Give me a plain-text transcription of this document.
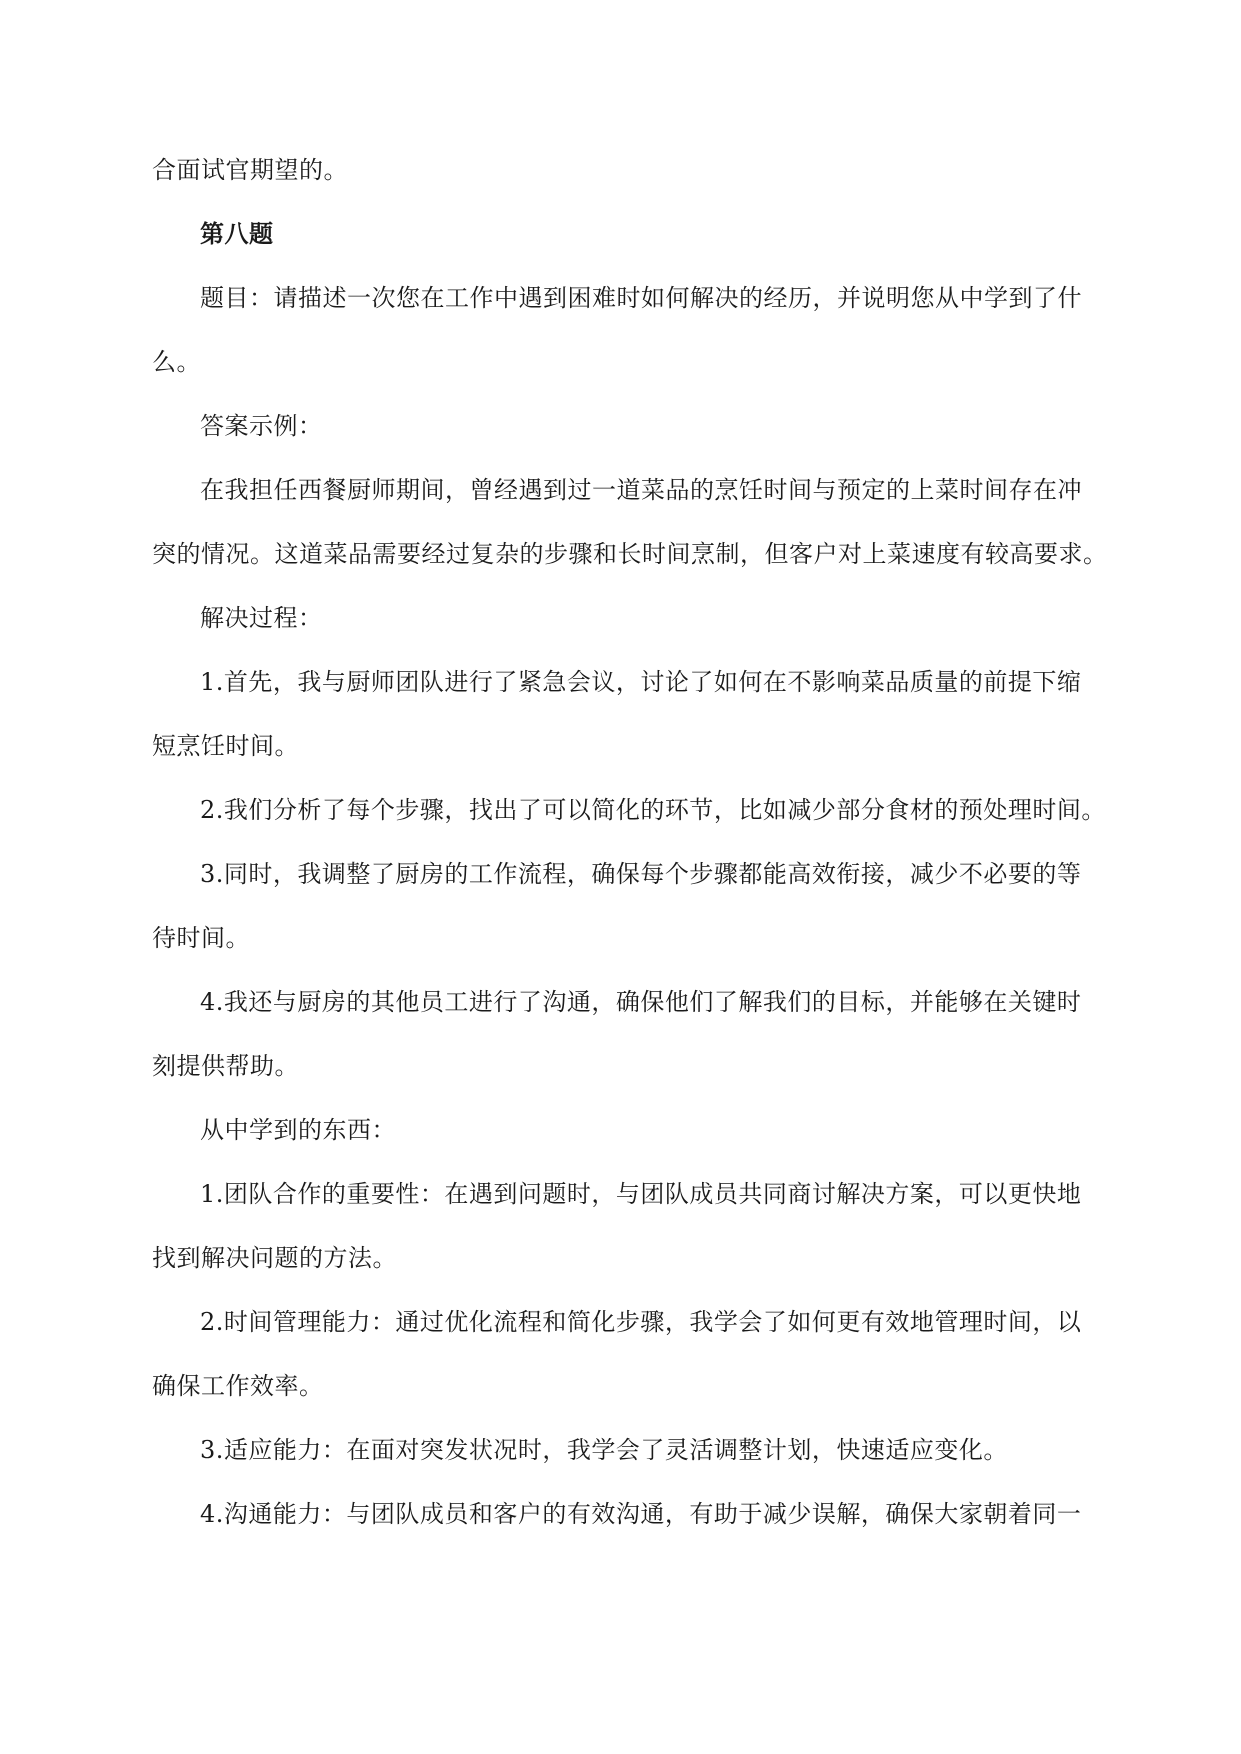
合面试官期望的。
第八题
题目：请描述一次您在工作中遇到困难时如何解决的经历，并说明您从中学到了什
么。
答案示例：
在我担任西餐厨师期间，曾经遇到过一道菜品的烹饪时间与预定的上菜时间存在冲
突的情况。这道菜品需要经过复杂的步骤和长时间烹制，但客户对上菜速度有较高要求。
解决过程：
1.首先，我与厨师团队进行了紧急会议，讨论了如何在不影响菜品质量的前提下缩
短烹饪时间。
2.我们分析了每个步骤，找出了可以简化的环节，比如减少部分食材的预处理时间。
3.同时，我调整了厨房的工作流程，确保每个步骤都能高效衔接，减少不必要的等
待时间。
4.我还与厨房的其他员工进行了沟通，确保他们了解我们的目标，并能够在关键时
刻提供帮助。
从中学到的东西：
1.团队合作的重要性：在遇到问题时，与团队成员共同商讨解决方案，可以更快地
找到解决问题的方法。
2.时间管理能力：通过优化流程和简化步骤，我学会了如何更有效地管理时间，以
确保工作效率。
3.适应能力：在面对突发状况时，我学会了灵活调整计划，快速适应变化。
4.沟通能力：与团队成员和客户的有效沟通，有助于减少误解，确保大家朝着同一
